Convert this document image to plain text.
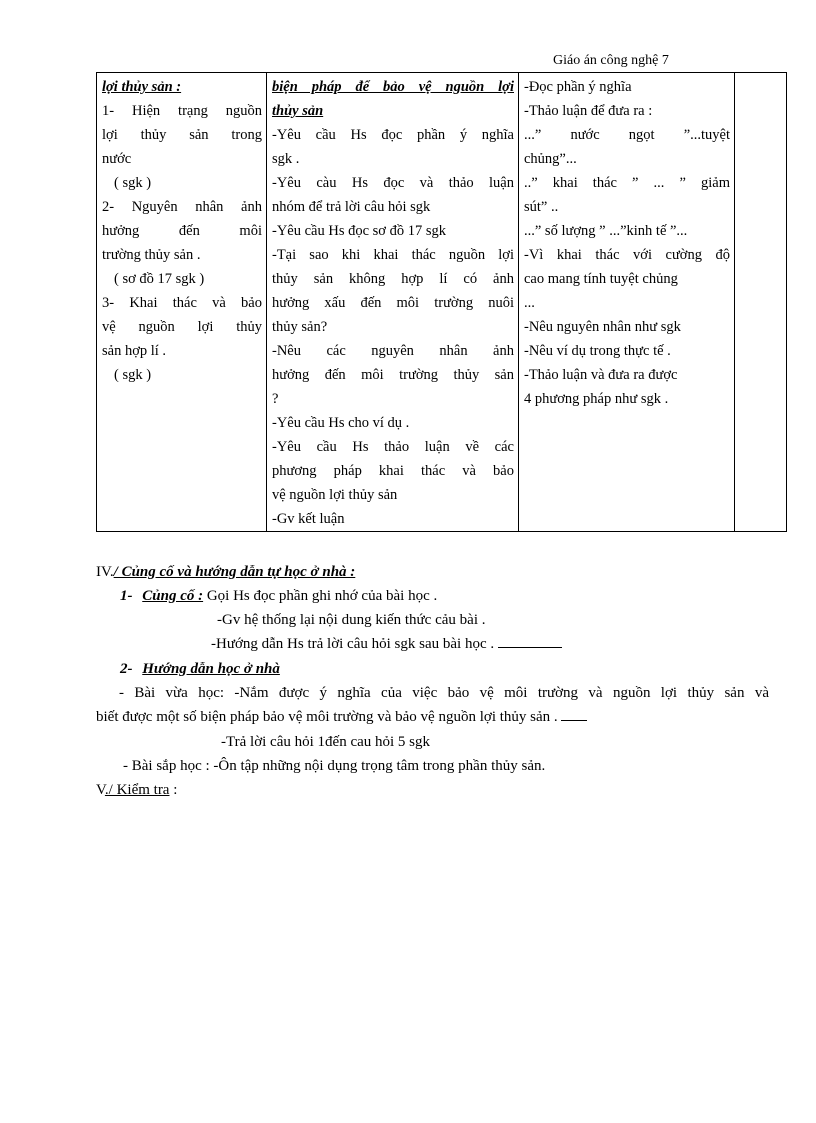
Giáo án công nghệ 7
lợi thủy sản :
1- Hiện trạng nguồn
lợi thủy sản trong
nước
( sgk )
2- Nguyên nhân ảnh
hưởng đến môi
trường thủy sản .
( sơ đồ 17 sgk )
3- Khai thác và bảo
vệ nguồn lợi thủy
sản hợp lí .
( sgk )

biện pháp để bảo vệ nguồn lợi
thủy sản
-Yêu cầu Hs đọc phần ý nghĩa
sgk .
-Yêu càu Hs đọc và thảo luận
nhóm để trả lời câu hỏi sgk
-Yêu cầu Hs đọc sơ đồ 17 sgk
-Tại sao khi khai thác nguồn lợi
thủy sản không hợp lí có ảnh
hưởng xấu đến môi trường nuôi
thủy sản?
-Nêu các nguyên nhân ảnh
hưởng đến môi trường thủy sản
?
-Yêu cầu Hs cho ví dụ .
-Yêu cầu Hs thảo luận về các
phương pháp khai thác và bảo
vệ nguồn lợi thủy sản
-Gv kết luận

-Đọc phần ý nghĩa
-Thảo luận để đưa ra :
...” nước ngọt ”...tuyệt
chủng”...
..” khai thác ” ... ” giảm
sút” ..
...” số lượng ” ...”kinh tế ”...
-Vì khai thác với cường độ
cao mang tính tuyệt chủng
...
-Nêu nguyên nhân như sgk
-Nêu ví dụ trong thực tế .
-Thảo luận và đưa ra được
4 phương pháp như sgk .

IV./ Củng cố và hướng dẫn tự học ở nhà :
1- Củng cố : Gọi Hs đọc phần ghi nhớ của bài học .
-Gv hệ thống lại nội dung kiến thức cảu bài .
-Hướng dẫn Hs trả lời câu hỏi sgk sau bài học .
2- Hướng dẫn học ở nhà
- Bài vừa học: -Nắm được ý nghĩa của việc bảo vệ môi trường và nguồn lợi thủy sản và
biết được một số biện pháp bảo vệ môi trường và bảo vệ nguồn lợi thủy sản .
-Trả lời câu hỏi 1đến cau hỏi 5 sgk
- Bài sắp học : -Ôn tập những nội dụng trọng tâm trong phần thủy sản.
V./ Kiểm tra :
